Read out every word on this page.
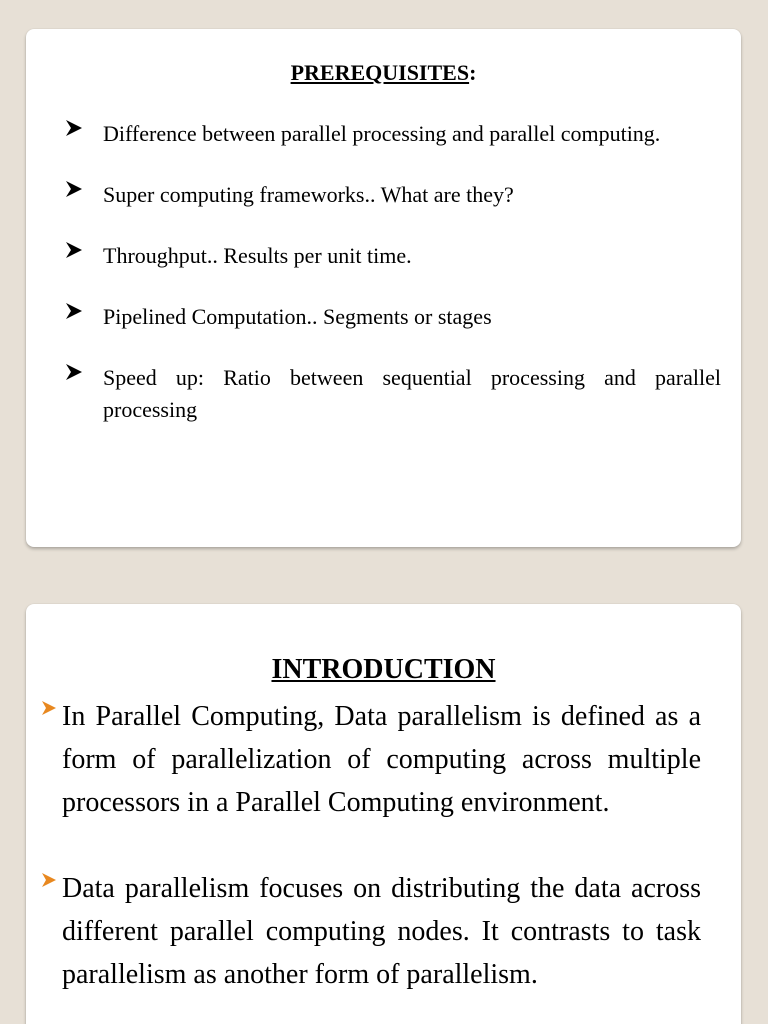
PREREQUISITES:
Difference between parallel processing and parallel computing.
Super computing frameworks.. What are they?
Throughput.. Results per unit time.
Pipelined Computation.. Segments or stages
Speed up: Ratio between sequential processing and parallel processing
INTRODUCTION
In Parallel Computing, Data parallelism is defined as a form of parallelization of computing across multiple processors in a Parallel Computing environment.
Data parallelism focuses on distributing the data across different parallel computing nodes. It contrasts to task parallelism as another form of parallelism.
